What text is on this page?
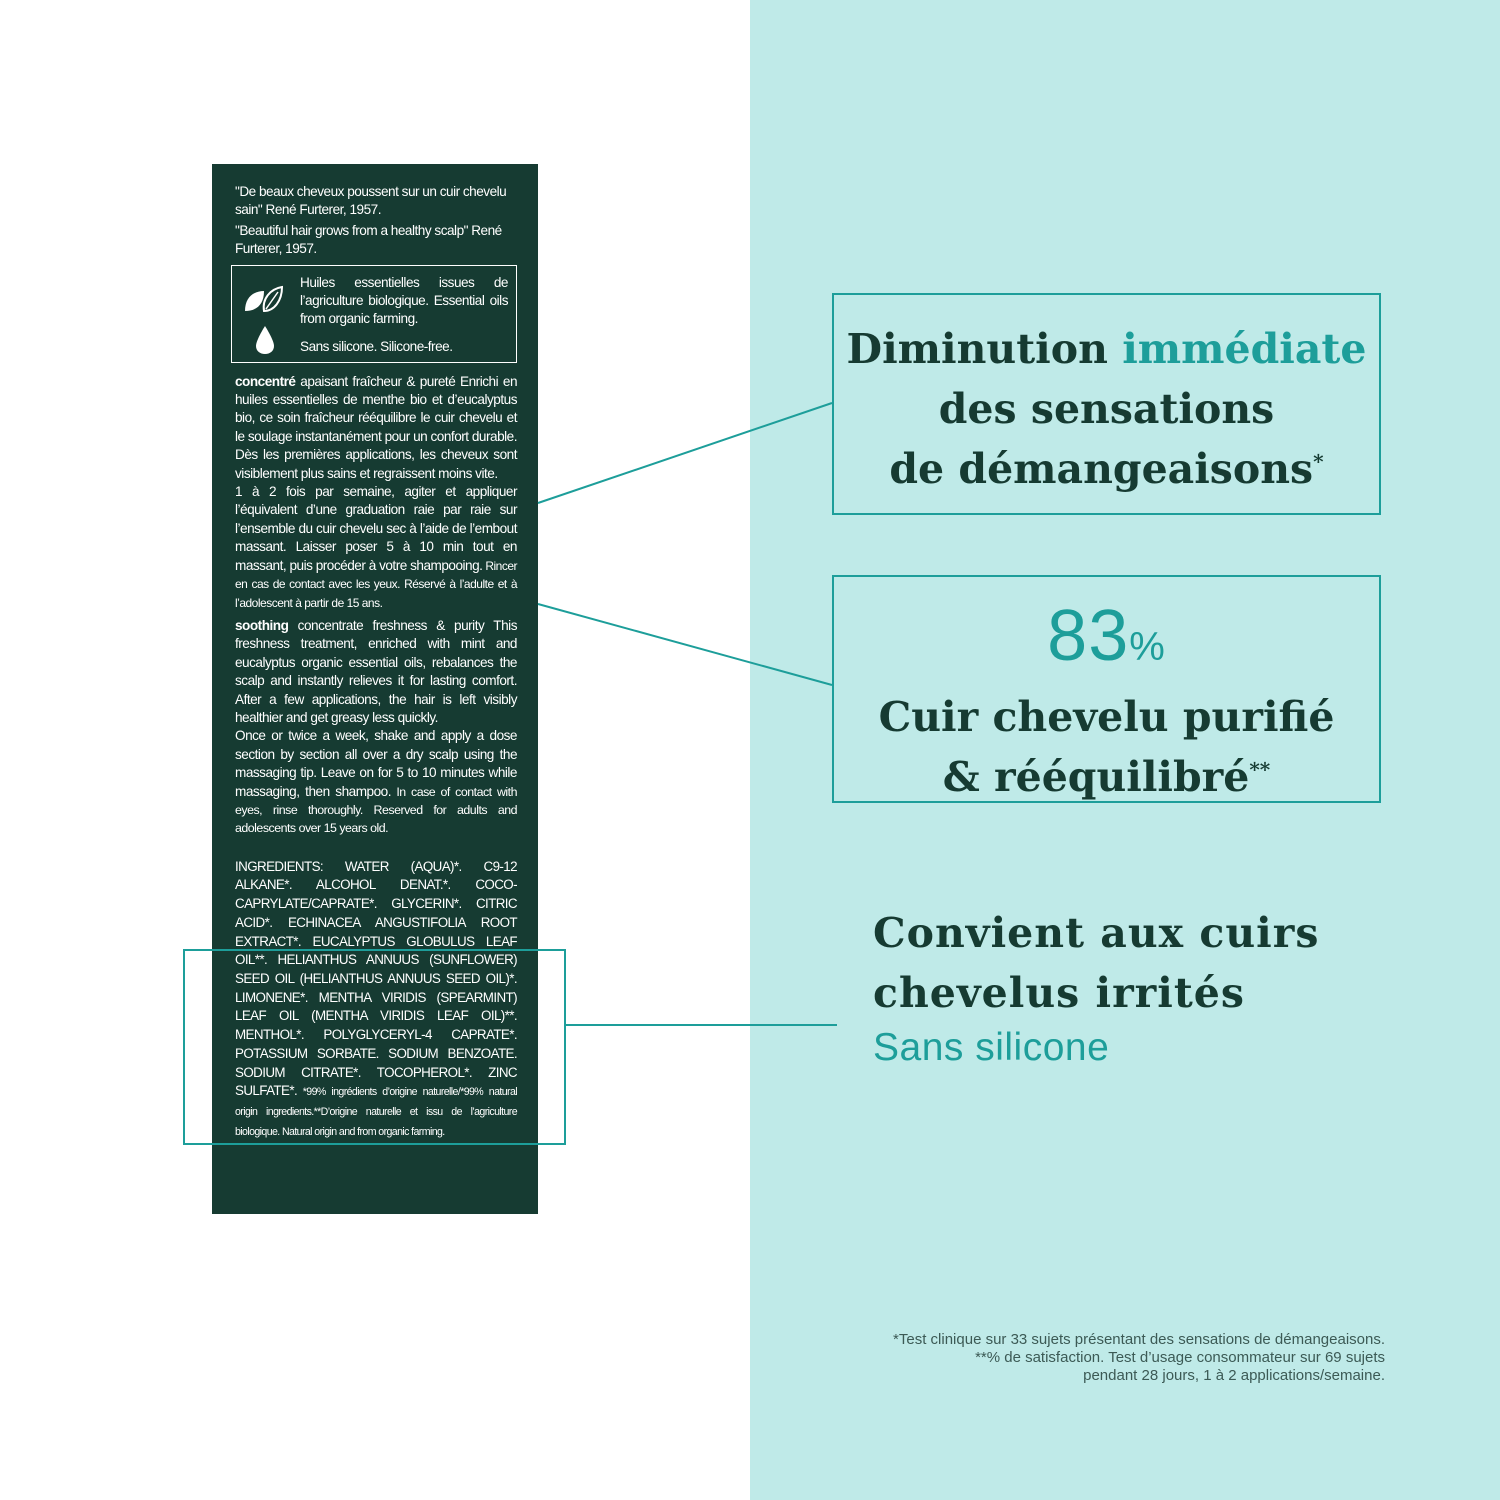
"De beaux cheveux poussent sur un cuir chevelu sain" René Furterer, 1957.

"Beautiful hair grows from a healthy scalp" René Furterer, 1957.

Huiles essentielles issues de l’agriculture biologique. Essential oils from organic farming.
Sans silicone. Silicone-free.

concentré apaisant fraîcheur & pureté Enrichi en huiles essentielles de menthe bio et d’eucalyptus bio, ce soin fraîcheur rééquilibre le cuir chevelu et le soulage instantanément pour un confort durable. Dès les premières applications, les cheveux sont visiblement plus sains et regraissent moins vite.

1 à 2 fois par semaine, agiter et appliquer l’équivalent d’une graduation raie par raie sur l’ensemble du cuir chevelu sec à l’aide de l’embout massant. Laisser poser 5 à 10 min tout en massant, puis procéder à votre shampooing. Rincer en cas de contact avec les yeux. Réservé à l’adulte et à l’adolescent à partir de 15 ans.

soothing concentrate freshness & purity This freshness treatment, enriched with mint and eucalyptus organic essential oils, rebalances the scalp and instantly relieves it for lasting comfort. After a few applications, the hair is left visibly healthier and get greasy less quickly.

Once or twice a week, shake and apply a dose section by section all over a dry scalp using the massaging tip. Leave on for 5 to 10 minutes while massaging, then shampoo. In case of contact with eyes, rinse thoroughly. Reserved for adults and adolescents over 15 years old.

INGREDIENTS: WATER (AQUA)*. C9-12 ALKANE*. ALCOHOL DENAT.*. COCO-CAPRYLATE/CAPRATE*. GLYCERIN*. CITRIC ACID*. ECHINACEA ANGUSTIFOLIA ROOT EXTRACT*. EUCALYPTUS GLOBULUS LEAF OIL**. HELIANTHUS ANNUUS (SUNFLOWER) SEED OIL (HELIANTHUS ANNUUS SEED OIL)*. LIMONENE*. MENTHA VIRIDIS (SPEARMINT) LEAF OIL (MENTHA VIRIDIS LEAF OIL)**. MENTHOL*. POLYGLYCERYL-4 CAPRATE*. POTASSIUM SORBATE. SODIUM BENZOATE. SODIUM CITRATE*. TOCOPHEROL*. ZINC SULFATE*. *99% ingrédients d’origine naturelle/*99% natural origin ingredients.**D’origine naturelle et issu de l’agriculture biologique. Natural origin and from organic farming.

Diminution immédiate
des sensations
de démangeaisons*
83%
Cuir chevelu purifié
& rééquilibré**
Convient aux cuirs
chevelus irrités
Sans silicone
*Test clinique sur 33 sujets présentant des sensations de démangeaisons.
**% de satisfaction. Test d’usage consommateur sur 69 sujets
pendant 28 jours, 1 à 2 applications/semaine.
